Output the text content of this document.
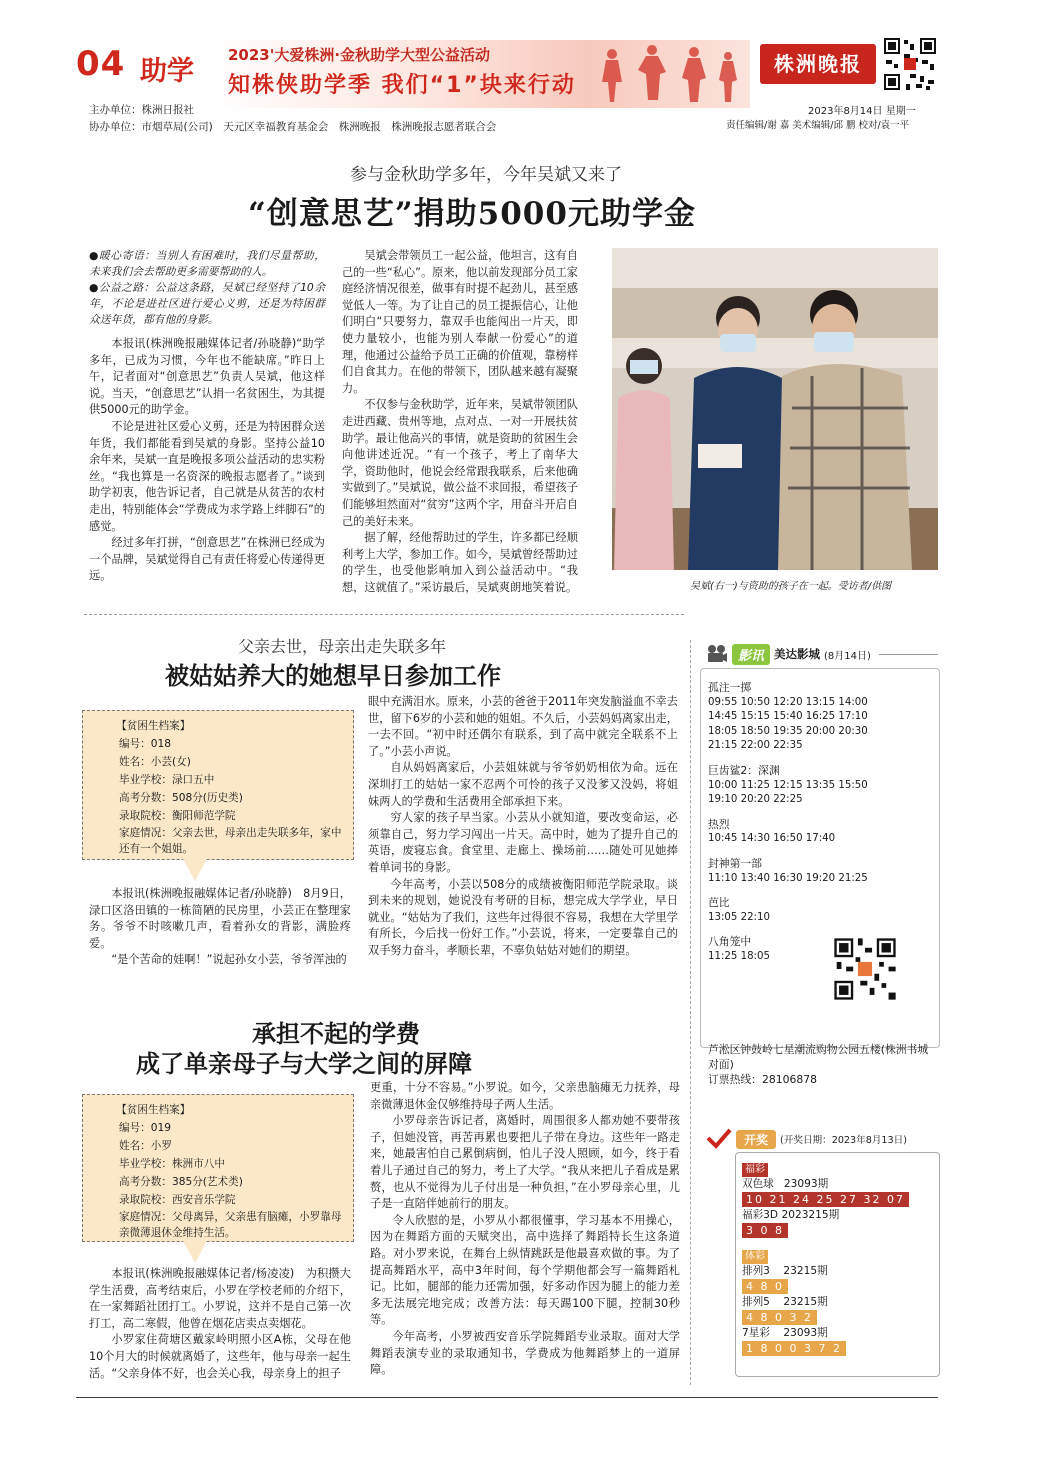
04 助学
2023'大爱株洲·金秋助学大型公益活动
知株侠助学季 我们“1”块来行动
株洲晚报
主办单位：株洲日报社
协办单位：市烟草局(公司)　天元区幸福教育基金会　株洲晚报　株洲晚报志愿者联合会
2023年8月14日 星期一
责任编辑/谢 嘉 美术编辑/邱 鹏 校对/袁一平
参与金秋助学多年，今年吴斌又来了
“创意思艺”捐助5000元助学金

●暖心寄语：当别人有困难时，我们尽量帮助，未来我们会去帮助更多需要帮助的人。

●公益之路：公益这条路，吴斌已经坚持了10余年，不论是进社区进行爱心义剪，还是为特困群众送年货，都有他的身影。

本报讯(株洲晚报融媒体记者/孙晓静)“助学多年，已成为习惯，今年也不能缺席。”昨日上午，记者面对“创意思艺”负责人吴斌，他这样说。当天，“创意思艺”认捐一名贫困生，为其提供5000元的助学金。

不论是进社区爱心义剪，还是为特困群众送年货，我们都能看到吴斌的身影。坚持公益10余年来，吴斌一直是晚报多项公益活动的忠实粉丝。“我也算是一名资深的晚报志愿者了。”谈到助学初衷，他告诉记者，自己就是从贫苦的农村走出，特别能体会“学费成为求学路上绊脚石”的感觉。

经过多年打拼，“创意思艺”在株洲已经成为一个品牌，吴斌觉得自己有责任将爱心传递得更远。

吴斌会带领员工一起公益，他坦言，这有自己的一些“私心”。原来，他以前发现部分员工家庭经济情况很差，做事有时提不起劲儿，甚至感觉低人一等。为了让自己的员工提振信心，让他们明白“只要努力，靠双手也能闯出一片天，即使力量较小，也能为别人奉献一份爱心”的道理，他通过公益给予员工正确的价值观，靠榜样们自食其力。在他的带领下，团队越来越有凝聚力。

不仅参与金秋助学，近年来，吴斌带领团队走进西藏、贵州等地，点对点、一对一开展扶贫助学。最让他高兴的事情，就是资助的贫困生会向他讲述近况。“有一个孩子，考上了南华大学，资助他时，他说会经常跟我联系，后来他确实做到了。”吴斌说，做公益不求回报，希望孩子们能够坦然面对“贫穷”这两个字，用奋斗开启自己的美好未来。

据了解，经他帮助过的学生，许多都已经顺利考上大学，参加工作。如今，吴斌曾经帮助过的学生，也受他影响加入到公益活动中。“我想，这就值了。”采访最后，吴斌爽朗地笑着说。	吴斌(右一)与资助的孩子在一起。受访者/供图
父亲去世，母亲出走失联多年
被姑姑养大的她想早日参加工作
【贫困生档案】
编号：018
姓名：小芸(女)
毕业学校：渌口五中
高考分数：508分(历史类)
录取院校：衡阳师范学院
家庭情况：父亲去世，母亲出走失联多年，家中还有一个姐姐。

本报讯(株洲晚报融媒体记者/孙晓静)　8月9日，渌口区洛田镇的一栋简陋的民房里，小芸正在整理家务。爷爷不时咳嗽几声，看着孙女的背影，满脸疼爱。

“是个苦命的娃啊！”说起孙女小芸，爷爷浑浊的

眼中充满泪水。原来，小芸的爸爸于2011年突发脑溢血不幸去世，留下6岁的小芸和她的姐姐。不久后，小芸妈妈离家出走，一去不回。“初中时还偶尔有联系，到了高中就完全联系不上了。”小芸小声说。

自从妈妈离家后，小芸姐妹就与爷爷奶奶相依为命。远在深圳打工的姑姑一家不忍两个可怜的孩子又没爹又没妈，将姐妹两人的学费和生活费用全部承担下来。

穷人家的孩子早当家。小芸从小就知道，要改变命运，必须靠自己，努力学习闯出一片天。高中时，她为了提升自己的英语，废寝忘食。食堂里、走廊上、操场前……随处可见她捧着单词书的身影。

今年高考，小芸以508分的成绩被衡阳师范学院录取。谈到未来的规划，她说没有考研的目标，想完成大学学业，早日就业。“姑姑为了我们，这些年过得很不容易，我想在大学里学有所长，今后找一份好工作。”小芸说，将来，一定要靠自己的双手努力奋斗，孝顺长辈，不辜负姑姑对她们的期望。

承担不起的学费
成了单亲母子与大学之间的屏障
【贫困生档案】
编号：019
姓名：小罗
毕业学校：株洲市八中
高考分数：385分(艺术类)
录取院校：西安音乐学院
家庭情况：父母离异，父亲患有脑瘫，小罗靠母亲微薄退休金维持生活。

本报讯(株洲晚报融媒体记者/杨凌凌)　为积攒大学生活费，高考结束后，小罗在学校老师的介绍下，在一家舞蹈社团打工。小罗说，这并不是自己第一次打工，高二寒假，他曾在烟花店卖点卖烟花。

小罗家住荷塘区戴家岭明照小区A栋，父母在他10个月大的时候就离婚了，这些年，他与母亲一起生活。“父亲身体不好，也会关心我，母亲身上的担子

更重，十分不容易。”小罗说。如今，父亲患脑瘫无力抚养，母亲微薄退休金仅够维持母子两人生活。

小罗母亲告诉记者，离婚时，周围很多人都劝她不要带孩子，但她没管，再苦再累也要把儿子带在身边。这些年一路走来，她最害怕自己累倒病倒，怕儿子没人照顾，如今，终于看着儿子通过自己的努力，考上了大学。“我从来把儿子看成是累赘，也从不觉得为儿子付出是一种负担，”在小罗母亲心里，儿子是一直陪伴她前行的朋友。

令人欣慰的是，小罗从小都很懂事，学习基本不用操心，因为在舞蹈方面的天赋突出，高中选择了舞蹈特长生这条道路。对小罗来说，在舞台上纵情跳跃是他最喜欢做的事。为了提高舞蹈水平，高中3年时间，每个学期他都会写一篇舞蹈札记。比如，腿部的能力还需加强，好多动作因为腿上的能力差多无法展完地完成；改善方法：每天踢100下腿，控制30秒等。

今年高考，小罗被西安音乐学院舞蹈专业录取。面对大学舞蹈表演专业的录取通知书，学费成为他舞蹈梦上的一道屏障。

影讯 美达影城 (8月14日)
孤注一掷
09:55 10:50 12:20 13:15 14:00
14:45 15:15 15:40 16:25 17:10
18:05 18:50 19:35 20:00 20:30
21:15 22:00 22:35
巨齿鲨2：深渊
10:00 11:25 12:15 13:35 15:50
19:10 20:20 22:25
热烈
10:45 14:30 16:50 17:40
封神第一部
11:10 13:40 16:30 19:20 21:25
芭比
13:05 22:10
八角笼中
11:25 18:05
芦淞区钟鼓岭七星潮流购物公园五楼(株洲书城对面)
订票热线：28106878
开奖	(开奖日期：2023年8月13日)
福彩
双色球 23093期
10 21 24 25 27 32 07
福彩3D 2023215期
3 0 8
体彩
排列3 23215期
4 8 0
排列5 23215期
4 8 0 3 2
7星彩 23093期
1 8 0 0 3 7 2
